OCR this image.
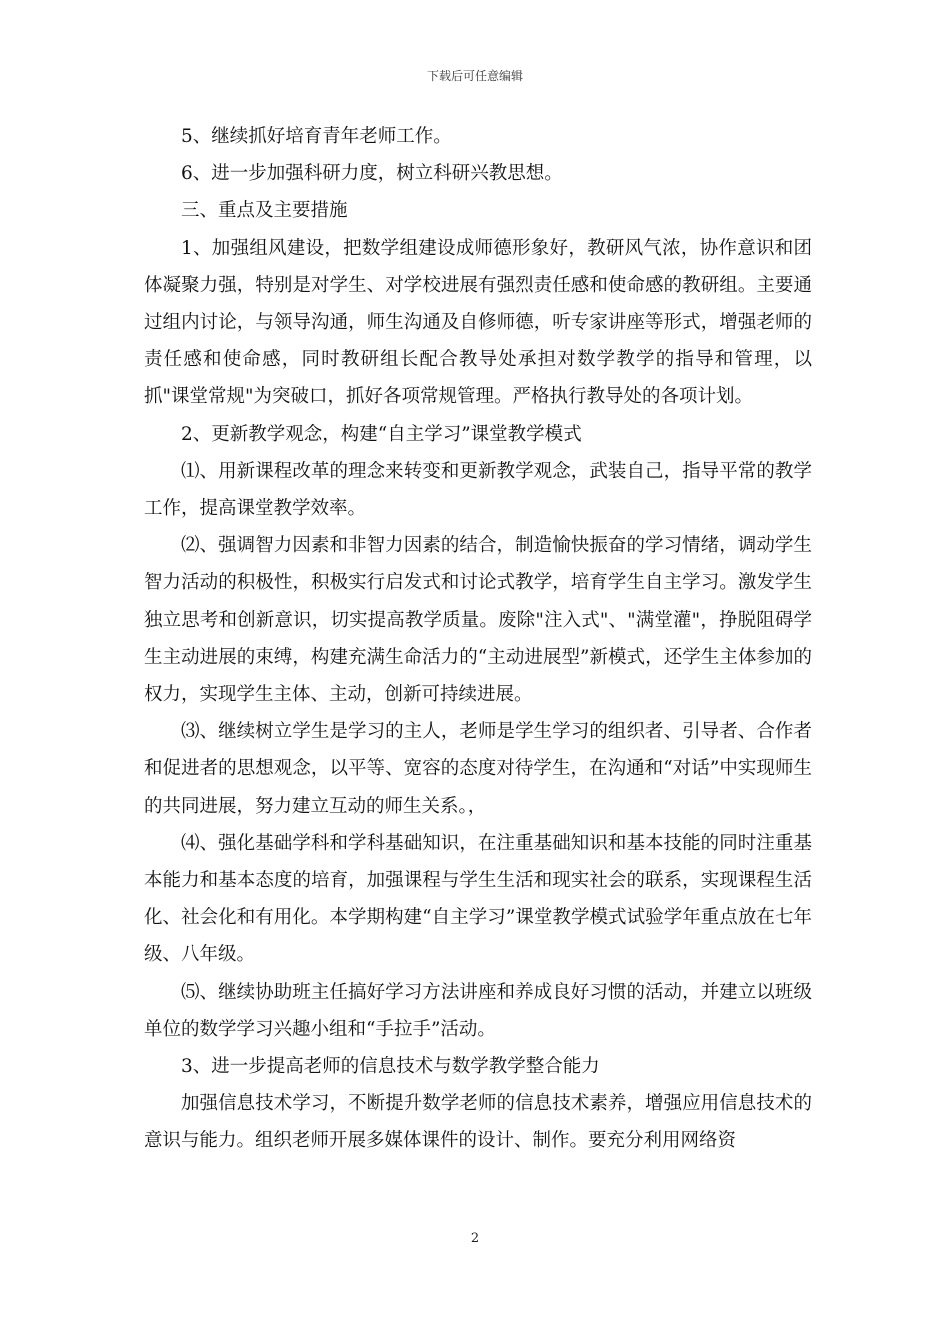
下载后可任意编辑

5、继续抓好培育青年老师工作。

6、进一步加强科研力度，树立科研兴教思想。

三、重点及主要措施

1、加强组风建设，把数学组建设成师德形象好，教研风气浓，协作意识和团体凝聚力强，特别是对学生、对学校进展有强烈责任感和使命感的教研组。主要通过组内讨论，与领导沟通，师生沟通及自修师德，听专家讲座等形式，增强老师的责任感和使命感，同时教研组长配合教导处承担对数学教学的指导和管理，以抓"课堂常规"为突破口，抓好各项常规管理。严格执行教导处的各项计划。

2、更新教学观念，构建“自主学习”课堂教学模式

⑴、用新课程改革的理念来转变和更新教学观念，武装自己，指导平常的教学工作，提高课堂教学效率。

⑵、强调智力因素和非智力因素的结合，制造愉快振奋的学习情绪，调动学生智力活动的积极性，积极实行启发式和讨论式教学，培育学生自主学习。激发学生独立思考和创新意识，切实提高教学质量。废除"注入式"、"满堂灌"，挣脱阻碍学生主动进展的束缚，构建充满生命活力的“主动进展型”新模式，还学生主体参加的权力，实现学生主体、主动，创新可持续进展。

⑶、继续树立学生是学习的主人，老师是学生学习的组织者、引导者、合作者和促进者的思想观念，以平等、宽容的态度对待学生，在沟通和“对话”中实现师生的共同进展，努力建立互动的师生关系。，

⑷、强化基础学科和学科基础知识，在注重基础知识和基本技能的同时注重基本能力和基本态度的培育，加强课程与学生生活和现实社会的联系，实现课程生活化、社会化和有用化。本学期构建“自主学习”课堂教学模式试验学年重点放在七年级、八年级。

⑸、继续协助班主任搞好学习方法讲座和养成良好习惯的活动，并建立以班级单位的数学学习兴趣小组和“手拉手”活动。

3、进一步提高老师的信息技术与数学教学整合能力

加强信息技术学习，不断提升数学老师的信息技术素养，增强应用信息技术的意识与能力。组织老师开展多媒体课件的设计、制作。要充分利用网络资

2
